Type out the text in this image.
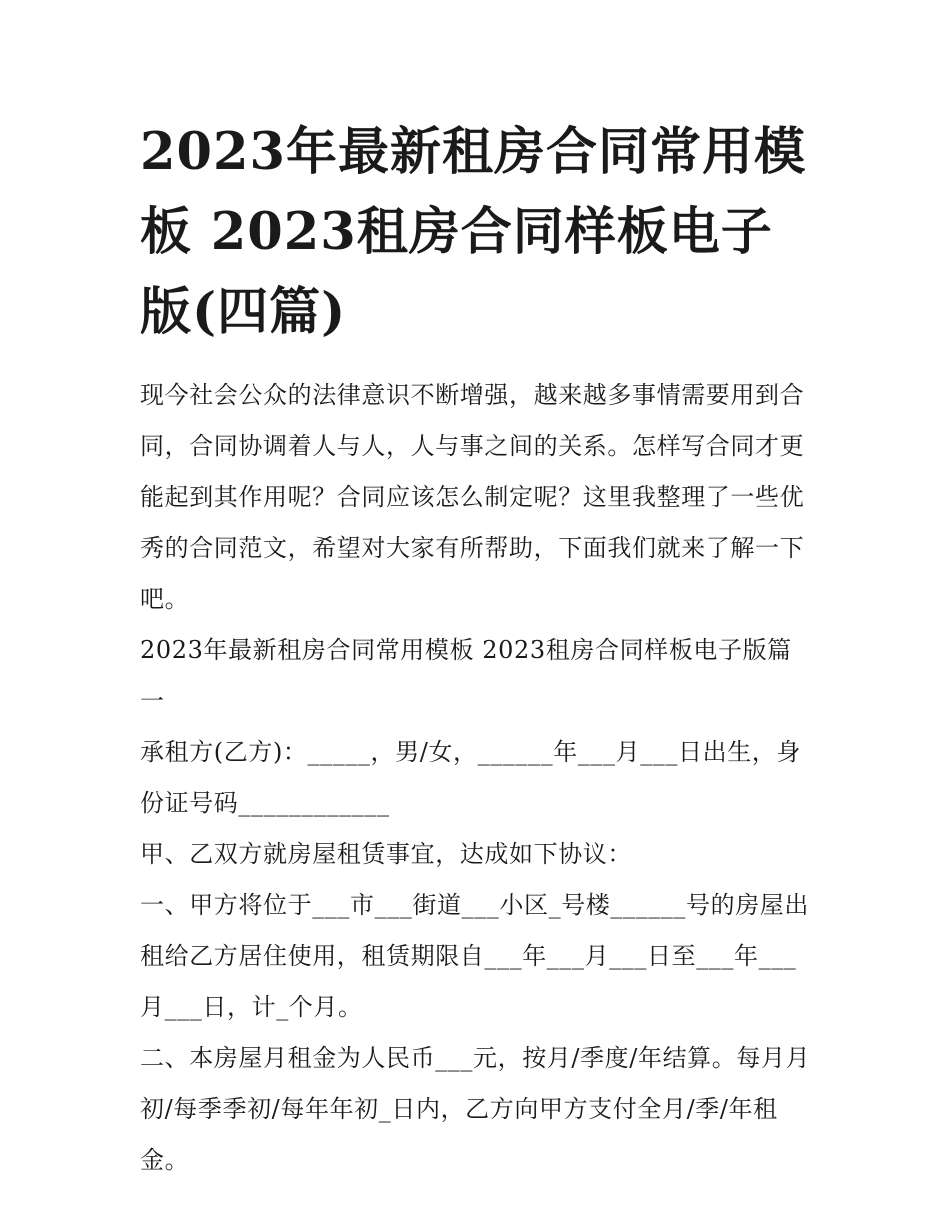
2023年最新租房合同常用模板 2023租房合同样板电子版(四篇)

现今社会公众的法律意识不断增强，越来越多事情需要用到合同，合同协调着人与人，人与事之间的关系。怎样写合同才更能起到其作用呢？合同应该怎么制定呢？这里我整理了一些优秀的合同范文，希望对大家有所帮助，下面我们就来了解一下吧。

2023年最新租房合同常用模板 2023租房合同样板电子版篇一

承租方(乙方)：_____，男/女，______年___月___日出生，身份证号码____________

甲、乙双方就房屋租赁事宜，达成如下协议：

一、甲方将位于___市___街道___小区_号楼______号的房屋出租给乙方居住使用，租赁期限自___年___月___日至___年___月___日，计_个月。

二、本房屋月租金为人民币___元，按月/季度/年结算。每月月初/每季季初/每年年初_日内，乙方向甲方支付全月/季/年租金。
